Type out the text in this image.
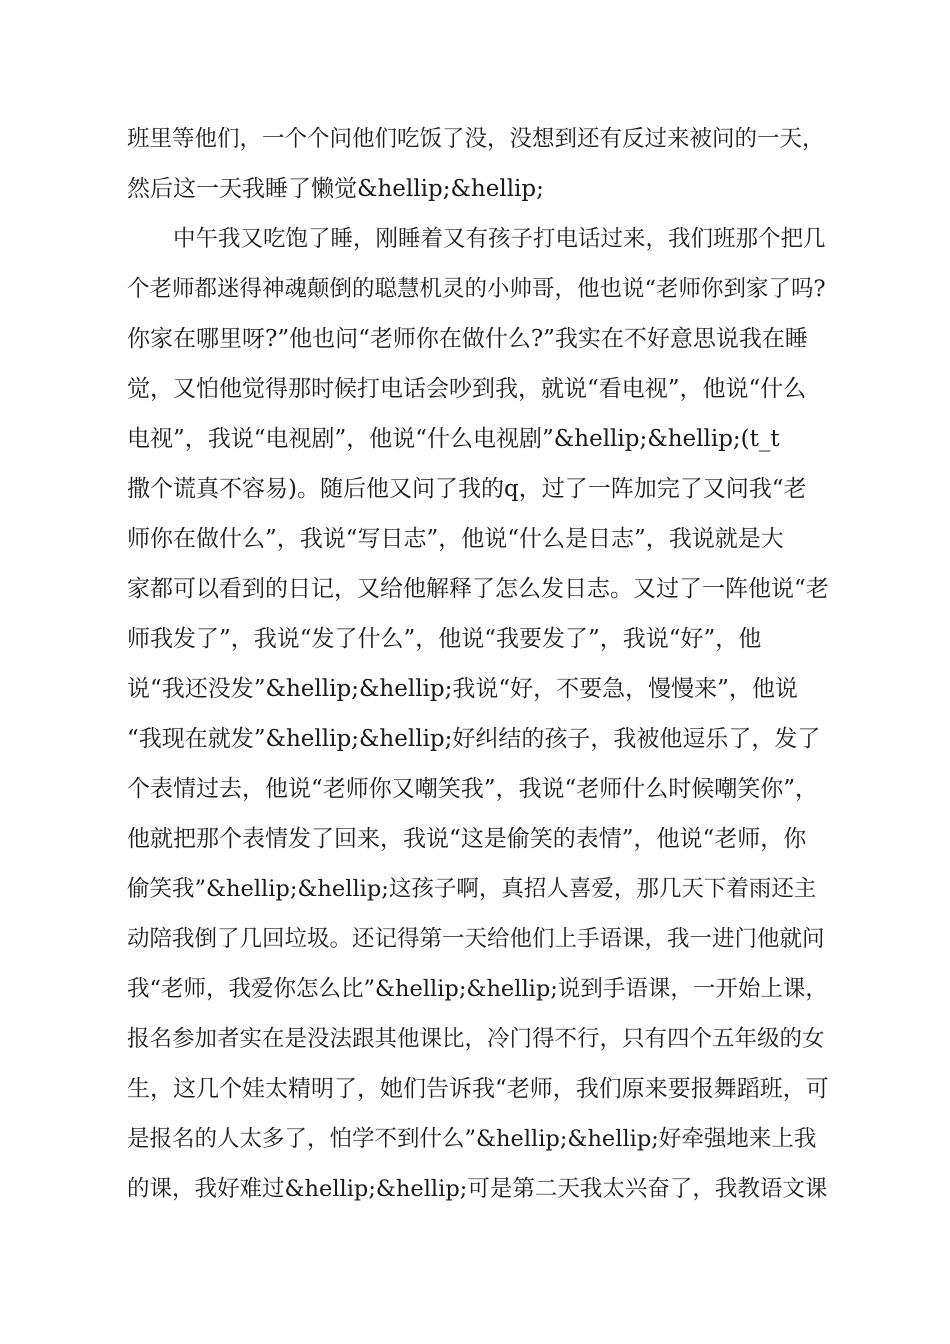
班里等他们，一个个问他们吃饭了没，没想到还有反过来被问的一天，
然后这一天我睡了懒觉&hellip;&hellip;
中午我又吃饱了睡，刚睡着又有孩子打电话过来，我们班那个把几
个老师都迷得神魂颠倒的聪慧机灵的小帅哥，他也说“老师你到家了吗?
你家在哪里呀?”他也问“老师你在做什么?”我实在不好意思说我在睡
觉，又怕他觉得那时候打电话会吵到我，就说“看电视”，他说“什么
电视”，我说“电视剧”，他说“什么电视剧”&hellip;&hellip;(t_t
撒个谎真不容易)。随后他又问了我的q，过了一阵加完了又问我“老
师你在做什么”，我说“写日志”，他说“什么是日志”，我说就是大
家都可以看到的日记，又给他解释了怎么发日志。又过了一阵他说“老
师我发了”，我说“发了什么”，他说“我要发了”，我说“好”，他
说“我还没发”&hellip;&hellip;我说“好，不要急，慢慢来”，他说
“我现在就发”&hellip;&hellip;好纠结的孩子，我被他逗乐了，发了
个表情过去，他说“老师你又嘲笑我”，我说“老师什么时候嘲笑你”，
他就把那个表情发了回来，我说“这是偷笑的表情”，他说“老师，你
偷笑我”&hellip;&hellip;这孩子啊，真招人喜爱，那几天下着雨还主
动陪我倒了几回垃圾。还记得第一天给他们上手语课，我一进门他就问
我“老师，我爱你怎么比”&hellip;&hellip;说到手语课，一开始上课，
报名参加者实在是没法跟其他课比，冷门得不行，只有四个五年级的女
生，这几个娃太精明了，她们告诉我“老师，我们原来要报舞蹈班，可
是报名的人太多了，怕学不到什么”&hellip;&hellip;好牵强地来上我
的课，我好难过&hellip;&hellip;可是第二天我太兴奋了，我教语文课
